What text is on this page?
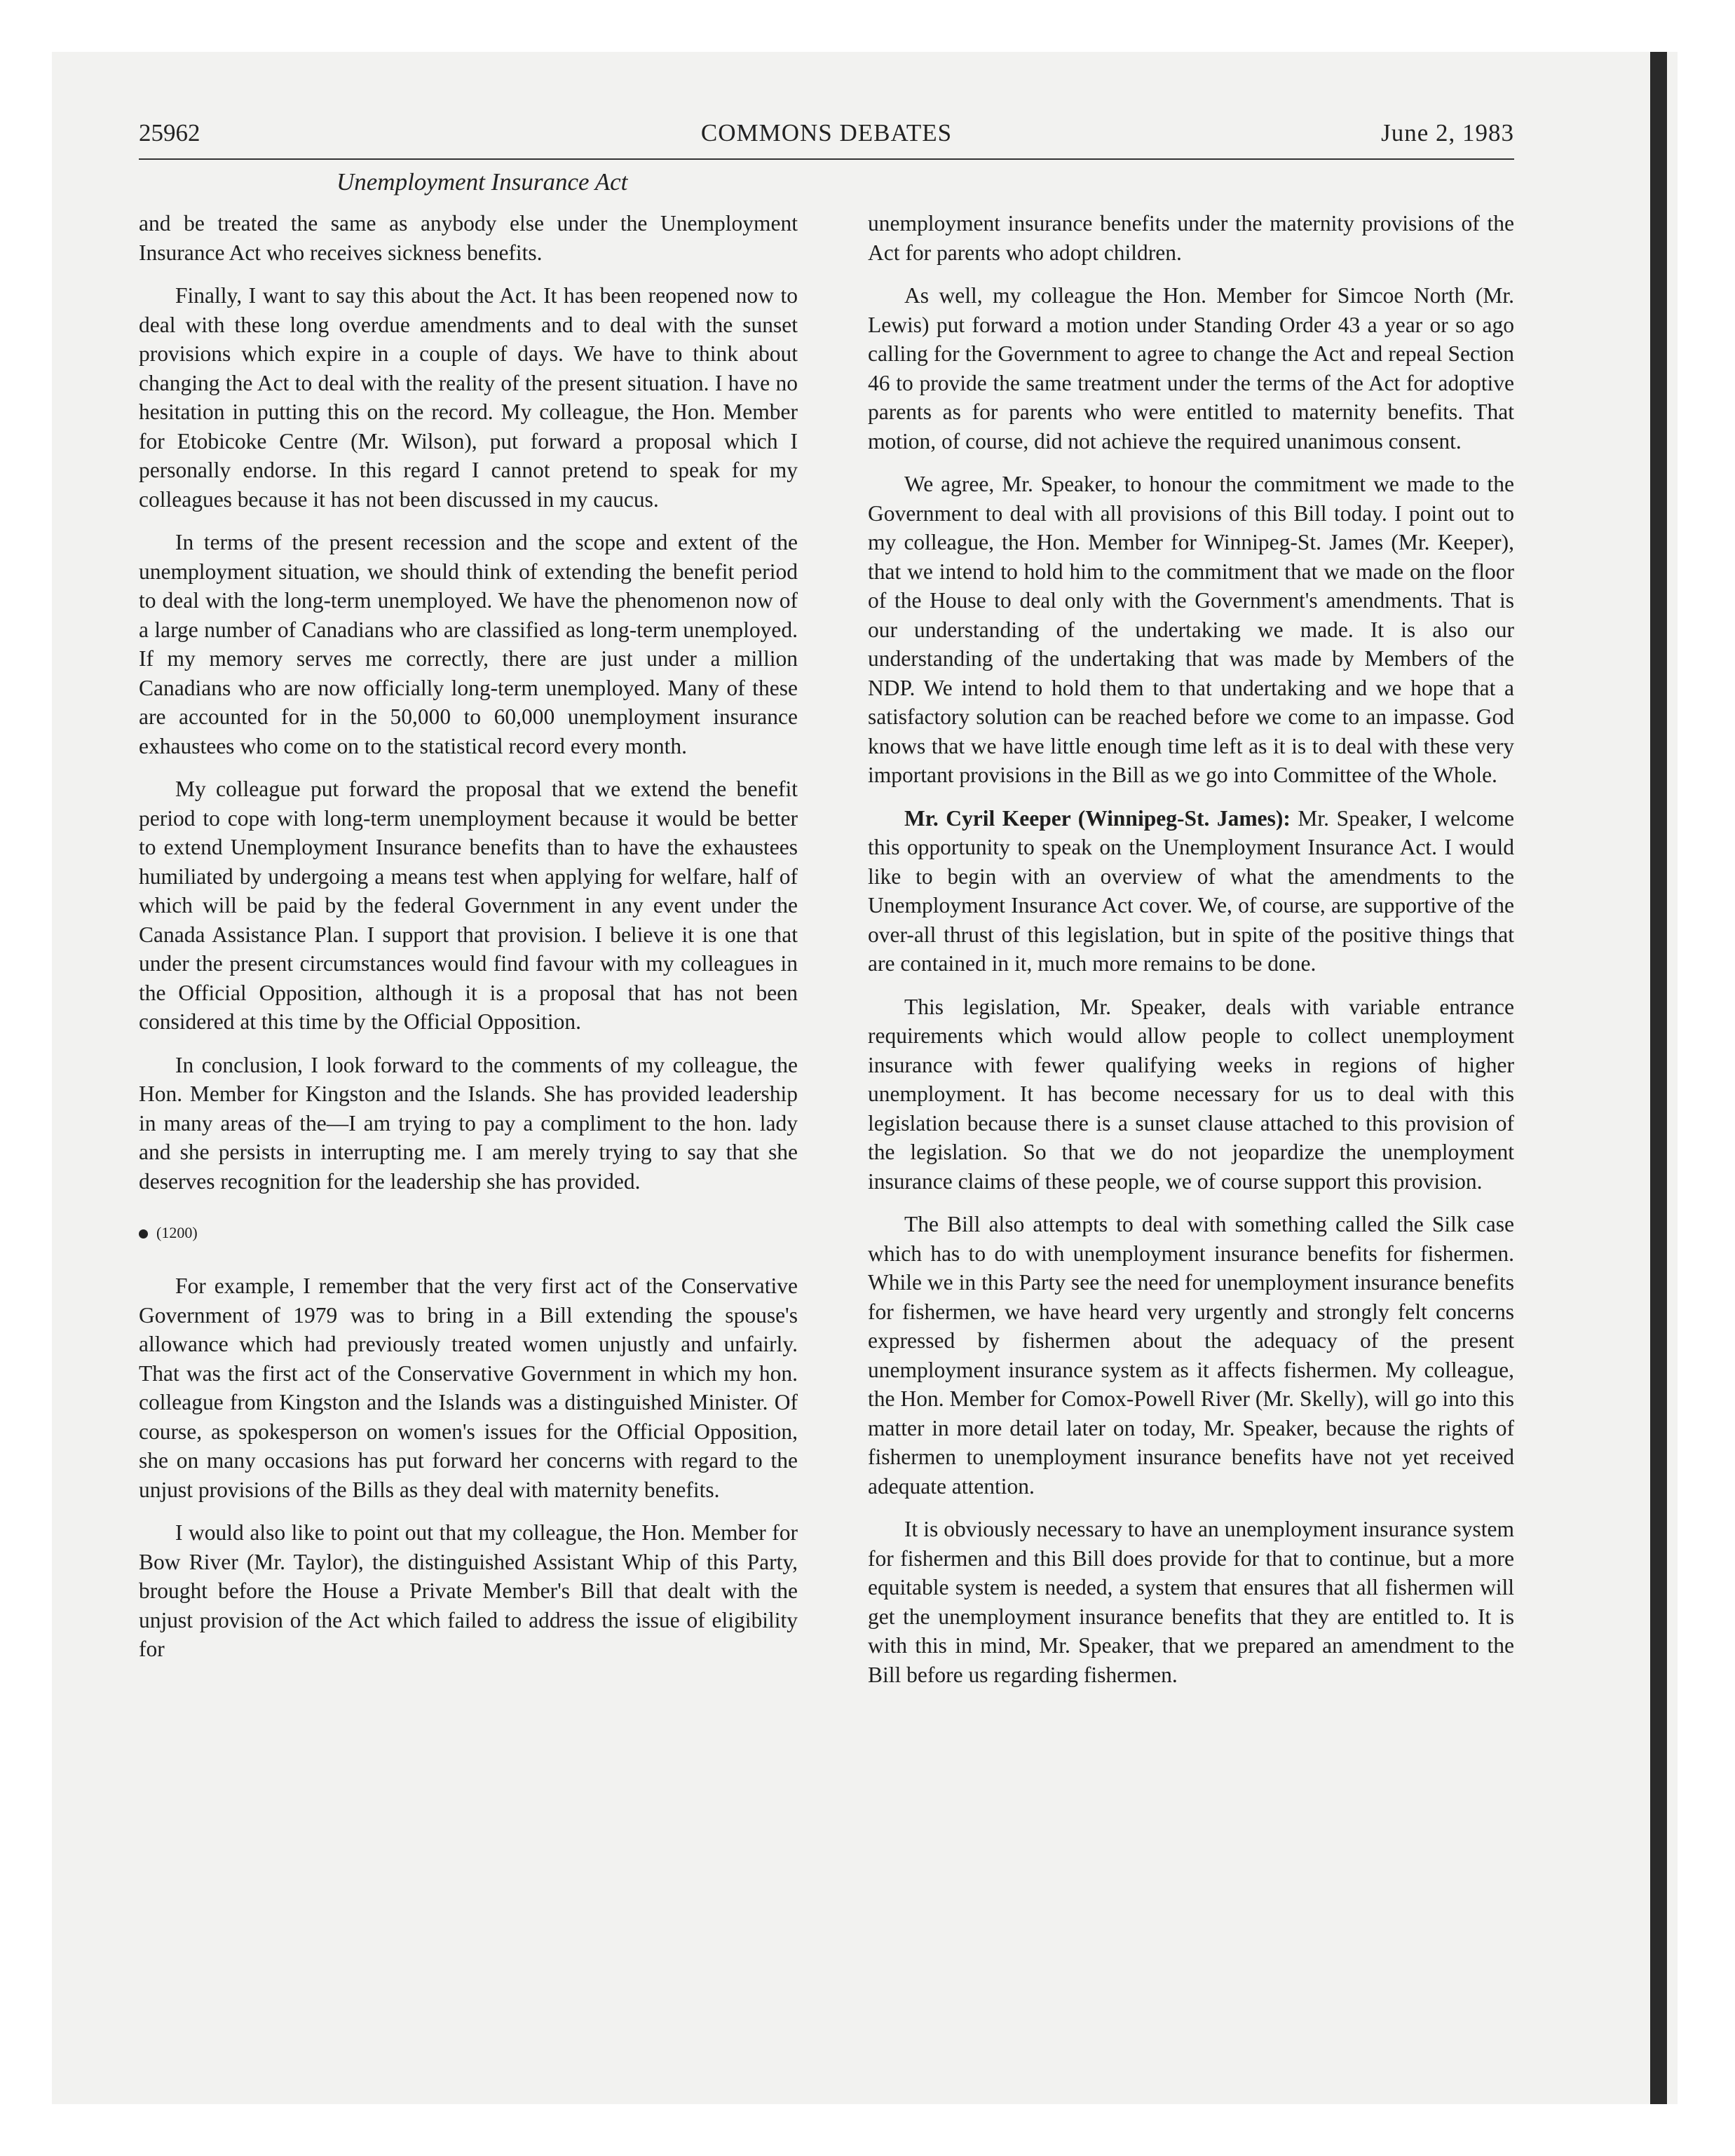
25962	COMMONS DEBATES	June 2, 1983
Unemployment Insurance Act

and be treated the same as anybody else under the Unemployment Insurance Act who receives sickness benefits.

Finally, I want to say this about the Act. It has been reopened now to deal with these long overdue amendments and to deal with the sunset provisions which expire in a couple of days. We have to think about changing the Act to deal with the reality of the present situation. I have no hesitation in putting this on the record. My colleague, the Hon. Member for Etobicoke Centre (Mr. Wilson), put forward a proposal which I personally endorse. In this regard I cannot pretend to speak for my colleagues because it has not been discussed in my caucus.

In terms of the present recession and the scope and extent of the unemployment situation, we should think of extending the benefit period to deal with the long-term unemployed. We have the phenomenon now of a large number of Canadians who are classified as long-term unemployed. If my memory serves me correctly, there are just under a million Canadians who are now officially long-term unemployed. Many of these are accounted for in the 50,000 to 60,000 unemployment insurance exhaustees who come on to the statistical record every month.

My colleague put forward the proposal that we extend the benefit period to cope with long-term unemployment because it would be better to extend Unemployment Insurance benefits than to have the exhaustees humiliated by undergoing a means test when applying for welfare, half of which will be paid by the federal Government in any event under the Canada Assistance Plan. I support that provision. I believe it is one that under the present circumstances would find favour with my colleagues in the Official Opposition, although it is a proposal that has not been considered at this time by the Official Opposition.

In conclusion, I look forward to the comments of my colleague, the Hon. Member for Kingston and the Islands. She has provided leadership in many areas of the—I am trying to pay a compliment to the hon. lady and she persists in interrupting me. I am merely trying to say that she deserves recognition for the leadership she has provided.

(1200)

For example, I remember that the very first act of the Conservative Government of 1979 was to bring in a Bill extending the spouse's allowance which had previously treated women unjustly and unfairly. That was the first act of the Conservative Government in which my hon. colleague from Kingston and the Islands was a distinguished Minister. Of course, as spokesperson on women's issues for the Official Opposition, she on many occasions has put forward her concerns with regard to the unjust provisions of the Bills as they deal with maternity benefits.

I would also like to point out that my colleague, the Hon. Member for Bow River (Mr. Taylor), the distinguished Assistant Whip of this Party, brought before the House a Private Member's Bill that dealt with the unjust provision of the Act which failed to address the issue of eligibility for

unemployment insurance benefits under the maternity provisions of the Act for parents who adopt children.

As well, my colleague the Hon. Member for Simcoe North (Mr. Lewis) put forward a motion under Standing Order 43 a year or so ago calling for the Government to agree to change the Act and repeal Section 46 to provide the same treatment under the terms of the Act for adoptive parents as for parents who were entitled to maternity benefits. That motion, of course, did not achieve the required unanimous consent.

We agree, Mr. Speaker, to honour the commitment we made to the Government to deal with all provisions of this Bill today. I point out to my colleague, the Hon. Member for Winnipeg-St. James (Mr. Keeper), that we intend to hold him to the commitment that we made on the floor of the House to deal only with the Government's amendments. That is our understanding of the undertaking we made. It is also our understanding of the undertaking that was made by Members of the NDP. We intend to hold them to that undertaking and we hope that a satisfactory solution can be reached before we come to an impasse. God knows that we have little enough time left as it is to deal with these very important provisions in the Bill as we go into Committee of the Whole.

Mr. Cyril Keeper (Winnipeg-St. James): Mr. Speaker, I welcome this opportunity to speak on the Unemployment Insurance Act. I would like to begin with an overview of what the amendments to the Unemployment Insurance Act cover. We, of course, are supportive of the over-all thrust of this legislation, but in spite of the positive things that are contained in it, much more remains to be done.

This legislation, Mr. Speaker, deals with variable entrance requirements which would allow people to collect unemployment insurance with fewer qualifying weeks in regions of higher unemployment. It has become necessary for us to deal with this legislation because there is a sunset clause attached to this provision of the legislation. So that we do not jeopardize the unemployment insurance claims of these people, we of course support this provision.

The Bill also attempts to deal with something called the Silk case which has to do with unemployment insurance benefits for fishermen. While we in this Party see the need for unemployment insurance benefits for fishermen, we have heard very urgently and strongly felt concerns expressed by fishermen about the adequacy of the present unemployment insurance system as it affects fishermen. My colleague, the Hon. Member for Comox-Powell River (Mr. Skelly), will go into this matter in more detail later on today, Mr. Speaker, because the rights of fishermen to unemployment insurance benefits have not yet received adequate attention.

It is obviously necessary to have an unemployment insurance system for fishermen and this Bill does provide for that to continue, but a more equitable system is needed, a system that ensures that all fishermen will get the unemployment insurance benefits that they are entitled to. It is with this in mind, Mr. Speaker, that we prepared an amendment to the Bill before us regarding fishermen.
